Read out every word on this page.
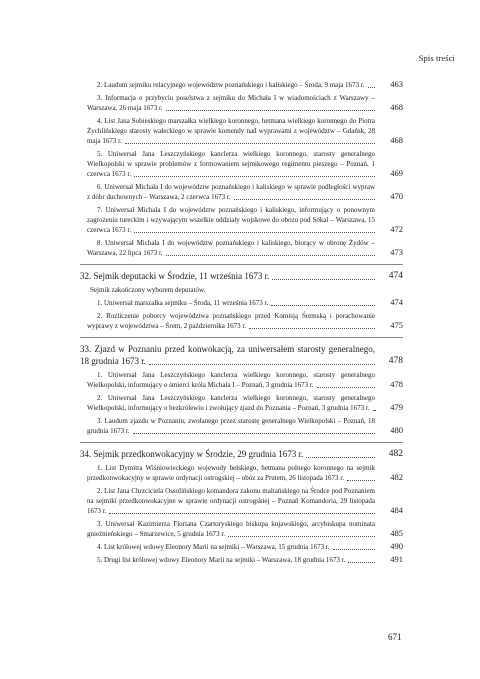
Spis treści
2. Laudum sejmiku relacyjnego województw poznańskiego i kaliskiego – Środa, 9 maja 1673 r.	463
3. Informacja o przybyciu poselstwa z sejmiku do Michała I w wiadomościach z Warszawy – Warszawa, 26 maja 1673 r.	468
4. List Jana Sobieskiego marszałka wielkiego koronnego, hetmana wielkiego koronnego do Piotra Żychlińskiego starosty wałeckiego w sprawie komendy nad wyprawami z województw – Gdańsk, 28 maja 1673 r.	468
5. Uniwersał Jana Leszczyńskiego kanclerza wielkiego koronnego, starosty generalnego Wielkopolski w sprawie problemów z formowaniem sejmikowego regimentu pieszego – Poznań, 1 czerwca 1673 r.	469
6. Uniwersał Michała I do województw poznańskiego i kaliskiego w sprawie podległości wypraw z dóbr duchownych – Warszawa, 2 czerwca 1673 r.	470
7. Uniwersał Michała I do województw poznańskiego i kaliskiego, informujący o ponownym zagrożeniu tureckim i wzywającym wszelkie oddziały wojskowe do obozu pod Sokal – Warszawa, 15 czerwca 1673 r.	472
8. Uniwersał Michała I do województw poznańskiego i kaliskiego, biorący w obronę Żydów – Warszawa, 22 lipca 1673 r.	473
32. Sejmik deputacki w Środzie, 11 września 1673 r.	474
Sejmik zakończony wyborem deputatów.
1. Uniwersał marszałka sejmiku – Środa, 11 września 1673 r.	474
2. Rozliczenie poborcy województwa poznańskiego przed Komisją Śremską i porachowanie wyprawy z województwa – Śrem, 2 października 1673 r.	475
33. Zjazd w Poznaniu przed konwokacją, za uniwersałem starosty generalnego, 18 grudnia 1673 r.	478
1. Uniwersał Jana Leszczyńskiego kanclerza wielkiego koronnego, starosty generalnego Wielkopolski, informujący o śmierci króla Michała I – Poznań, 3 grudnia 1673 r.	478
2. Uniwersał Jana Leszczyńskiego kanclerza wielkiego koronnego, starosty generalnego Wielkopolski, informujący o bezkrólewiu i zwołujący zjazd do Poznania – Poznań, 3 grudnia 1673 r.	479
3. Laudum zjazdu w Poznaniu, zwołanego przez starostę generalnego Wielkopolski – Poznań, 18 grudnia 1673 r.	480
34. Sejmik przedkonwokacyjny w Środzie, 29 grudnia 1673 r.	482
1. List Dymitra Wiśniowieckiego wojewody bełskiego, hetmana polnego koronnego na sejmik przedkonwokacyjny w sprawie ordynacji ostrogskiej – obóz za Prutem, 26 listopada 1673 r.	482
2. List Jana Chrzciciela Ossolińskiego komandora zakonu maltańskiego na Środce pod Poznaniem na sejmiki przedkonwokacyjne w sprawie ordynacji ostrogskiej – Poznań Komandoria, 29 listopada 1673 r.	484
3. Uniwersał Kazimierza Floriana Czartoryskiego biskupa kujawskiego, arcybiskupa nominata gnieźnieńskiego – Smarzewice, 5 grudnia 1673 r.	485
4. List królowej wdowy Eleonory Marii na sejmiki – Warszawa, 15 grudnia 1673 r.	490
5. Drugi list królowej wdowy Eleonory Marii na sejmiki – Warszawa, 18 grudnia 1673 r.	491
671
